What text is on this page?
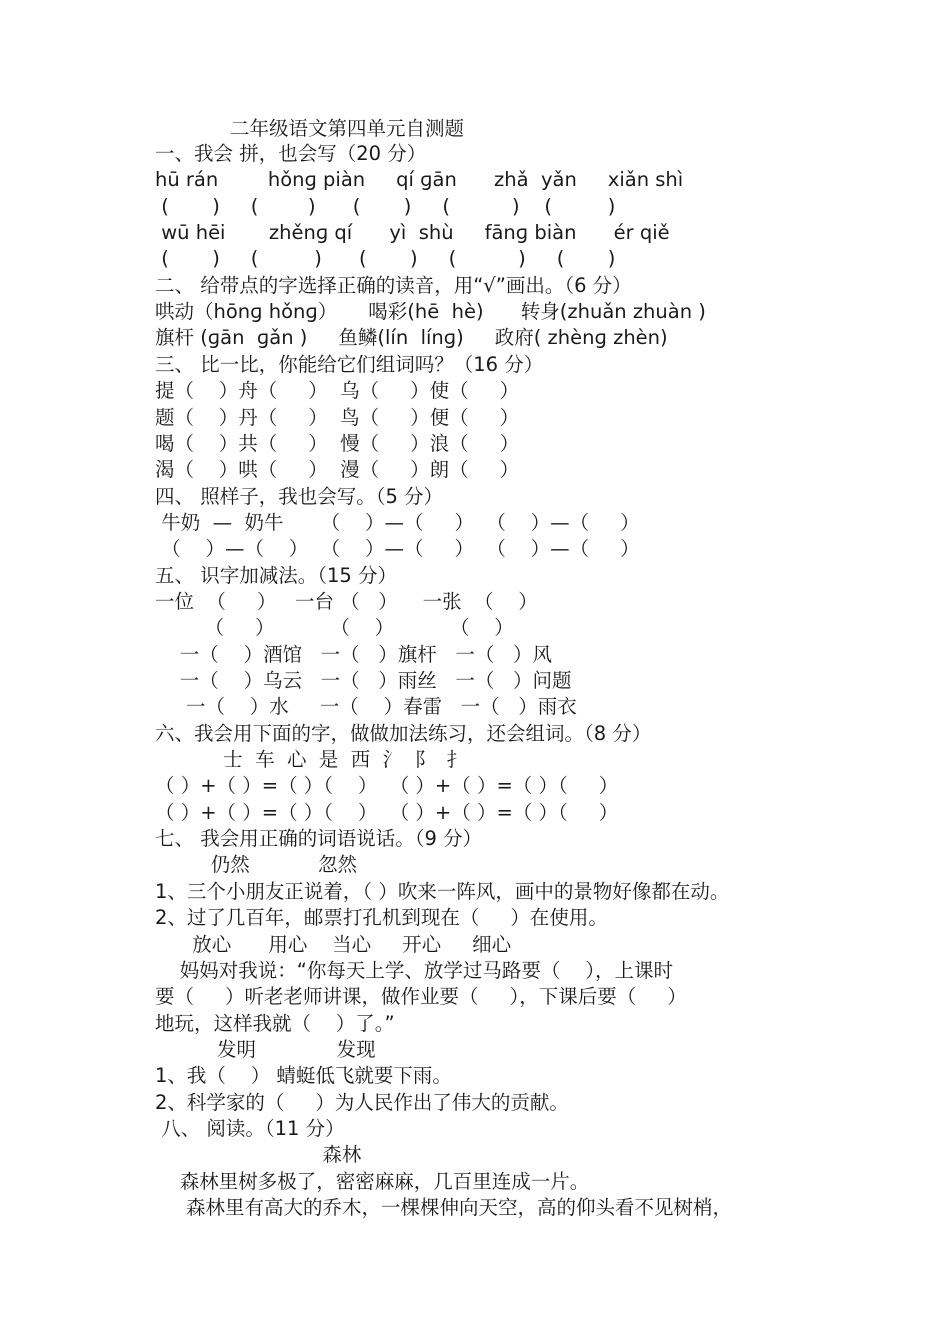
二年级语文第四单元自测题
一、我会 拼，也会写（20 分）
hū rán        hǒnɡ piàn     qí ɡān      zhǎ  yǎn     xiǎn shì
(       )     (        )      (       )     (          )    (         )
wū hēi       zhěnɡ qí      yì  shù     fānɡ biàn      ér qiě
(       )     (         )      (       )     (          )     (       )
二、 给带点的字选择正确的读音，用“√”画出。（6 分）
哄动（hōnɡ hǒnɡ）     喝彩(hē  hè)      转身(zhuǎn zhuàn )
旗杆 (ɡān  ɡǎn )     鱼鳞(lín  línɡ)     政府( zhènɡ zhèn)
三、 比一比，你能给它们组词吗？（16 分）
提（    ）舟（     ）  乌（     ）使（     ）
题（    ）丹（     ）  鸟（     ）便（     ）
喝（    ）共（     ）  慢（     ）浪（     ）
渴（    ）哄（     ）  漫（     ）朗（     ）
四、 照样子，我也会写。（5 分）
牛奶  —  奶牛      （    ）—（     ）  （    ）—（     ）
（    ）—（    ）  （    ）—（     ）  （    ）—（     ）
五、 识字加减法。（15 分）
一位  （     ）   一台 （   ）    一张  （    ）
（     ）         （    ）         （    ）
一（    ）酒馆   一（   ）旗杆   一（   ）风
一（    ）乌云   一（   ）雨丝   一（   ）问题
一（    ）水     一（    ）春雷   一（   ）雨衣
六、我会用下面的字，做做加法练习，还会组词。（8 分）
士  车  心  是  西  氵  阝  扌
（ ）+（ ）=（ ）（    ）  （ ）+（ ）=（ ）（     ）
（ ）+（ ）=（ ）（    ）  （ ）+（ ）=（ ）（     ）
七、 我会用正确的词语说话。（9 分）
仍然           忽然
1、三个小朋友正说着，（ ）吹来一阵风，画中的景物好像都在动。
2、过了几百年，邮票打孔机到现在（     ）在使用。
放心      用心    当心     开心     细心
妈妈对我说：“你每天上学、放学过马路要（    ），上课时
要（     ）听老老师讲课，做作业要（     ），下课后要（     ）
地玩，这样我就（    ）了。”
发明             发现
1、我（    ） 蜻蜓低飞就要下雨。
2、科学家的（     ）为人民作出了伟大的贡献。
八、 阅读。（11 分）
森林
森林里树多极了，密密麻麻，几百里连成一片。
森林里有高大的乔木，一棵棵伸向天空，高的仰头看不见树梢，
